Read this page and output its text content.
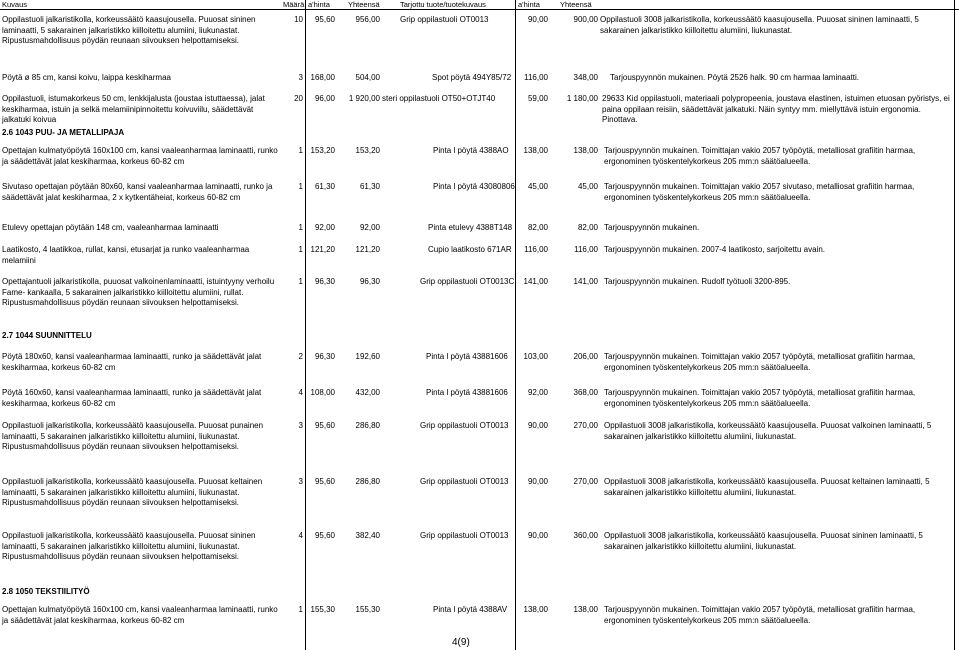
Kuvaus	Määrä a'hinta Yhteensä	Tarjottu tuote/tuotekuvaus	a'hinta	Yhteensä
Oppilastuoli jalkaristikolla, korkeussäätö kaasujousella. Puuosat sininen laminaatti, 5 sakarainen jalkaristikko kiilloitettu alumiini, liukunastat. Ripustusmahdollisuus pöydän reunaan siivouksen helpottamiseksi.
10	95,60	956,00	Grip oppilastuoli OT0013	90,00	900,00 Oppilastuoli 3008 jalkaristikolla, korkeussäätö kaasujousella. Puuosat sininen laminaatti, 5 sakarainen jalkaristikko kiilloitettu alumiini, liukunastat.
Pöytä ø 85 cm, kansi koivu, laippa keskiharmaa	3 168,00	504,00	Spot pöytä 494Y85/72	116,00	348,00 Tarjouspyynnön mukainen. Pöytä 2526 halk. 90 cm harmaa laminaatti.
Oppilastuoli, istumakorkeus 50 cm, lenkkijalusta (joustaa istuttaessa), jalat keskiharmaa, istuin ja selkä melamiinipinnoitettu koivuviilu, säädettävät jalkatuki koivua
20	96,00	1 920,00 steri oppilastuoli OT50+OTJT40	59,00	1 180,00 29633 Kid oppilastuoli, materiaali polypropeenia, joustava elastinen, istuimen etuosan pyöristys, ei paina oppilaan reisiin, säädettävät jalkatuki. Näin syntyy mm. miellyttävä istuin ergonomia. Pinottava.
2.6 1043 PUU- JA METALLIPAJA
Opettajan kulmatyöpöytä 160x100 cm, kansi vaaleanharmaa laminaatti, runko ja säädettävät jalat keskiharmaa, korkeus 60-82 cm
1 153,20	153,20	Pinta l pöytä 4388AO	138,00	138,00 Tarjouspyynnön mukainen. Toimittajan vakio 2057 työpöytä, metalliosat grafiitin harmaa, ergonominen työskentelykorkeus 205 mm:n säätöalueella.
Sivutaso opettajan pöytään 80x60, kansi vaaleanharmaa laminaatti, runko ja säädettävät jalat keskiharmaa, 2 x kytkentäheiat, korkeus 60-82 cm
1	61,30	61,30	Pinta l pöytä 43080806	45,00	45,00 Tarjouspyynnön mukainen. Toimittajan vakio 2057 sivutaso, metalliosat grafiitin harmaa, ergonominen työskentelykorkeus 205 mm:n säätöalueella.
Etulevy opettajan pöytään 148 cm, vaaleanharmaa laminaatti	1	92,00	92,00	Pinta etulevy 4388T148	82,00	82,00 Tarjouspyynnön mukainen.
Laatikosto, 4 laatikkoa, rullat, kansi, etusarjat ja runko vaaleanharmaa melamiini
1 121,20	121,20	Cupio laatikosto 671AR	116,00	116,00 Tarjouspyynnön mukainen. 2007-4 laatikosto, sarjoitettu avain.
Opettajantuoli jalkaristikolla, puuosat valkoinenlaminaatti, istuintyyny verhoilu Fame- kankaalla, 5 sakarainen jalkaristikko kiilloitettu alumiini, rullat. Ripustusmahdollisuus pöydän reunaan siivouksen helpottamiseksi.
1	96,30	96,30	Grip oppilastuoli OT0013C	141,00	141,00 Tarjouspyynnön mukainen. Rudolf työtuoli 3200-895.
2.7 1044 SUUNNITTELU
Pöytä 180x60, kansi vaaleanharmaa laminaatti, runko ja säädettävät jalat keskiharmaa, korkeus 60-82 cm
2	96,30	192,60	Pinta l pöytä 43881606	103,00	206,00 Tarjouspyynnön mukainen. Toimittajan vakio 2057 työpöytä, metalliosat grafiitin harmaa, ergonominen työskentelykorkeus 205 mm:n säätöalueella.
Pöytä 160x60, kansi vaaleanharmaa laminaatti, runko ja säädettävät jalat keskiharmaa, korkeus 60-82 cm
4 108,00	432,00	Pinta l pöytä 43881606	92,00	368,00 Tarjouspyynnön mukainen. Toimittajan vakio 2057 työpöytä, metalliosat grafiitin harmaa, ergonominen työskentelykorkeus 205 mm:n säätöalueella.
Oppilastuoli jalkaristikolla, korkeussäätö kaasujousella. Puuosat punainen laminaatti, 5 sakarainen jalkaristikko kiilloitettu alumiini, liukunastat. Ripustusmahdollisuus pöydän reunaan siivouksen helpottamiseksi.
3	95,60	286,80	Grip oppilastuoli OT0013	90,00	270,00 Oppilastuoli 3008 jalkaristikolla, korkeussäätö kaasujousella. Puuosat valkoinen laminaatti, 5 sakarainen jalkaristikko kiilloitettu alumiini, liukunastat.
Oppilastuoli jalkaristikolla, korkeussäätö kaasujousella. Puuosat keltainen laminaatti, 5 sakarainen jalkaristikko kiilloitettu alumiini, liukunastat. Ripustusmahdollisuus pöydän reunaan siivouksen helpottamiseksi.
3	95,60	286,80	Grip oppilastuoli OT0013	90,00	270,00 Oppilastuoli 3008 jalkaristikolla, korkeussäätö kaasujousella. Puuosat keltainen laminaatti, 5 sakarainen jalkaristikko kiilloitettu alumiini, liukunastat.
Oppilastuoli jalkaristikolla, korkeussäätö kaasujousella. Puuosat sininen laminaatti, 5 sakarainen jalkaristikko kiilloitettu alumiini, liukunastat. Ripustusmahdollisuus pöydän reunaan siivouksen helpottamiseksi.
4	95,60	382,40	Grip oppilastuoli OT0013	90,00	360,00 Oppilastuoli 3008 jalkaristikolla, korkeussäätö kaasujousella. Puuosat sininen laminaatti, 5 sakarainen jalkaristikko kiilloitettu alumiini, liukunastat.
2.8 1050 TEKSTIILITYÖ
Opettajan kulmatyöpöytä 160x100 cm, kansi vaaleanharmaa laminaatti, runko ja säädettävät jalat keskiharmaa, korkeus 60-82 cm
1 155,30	155,30	Pinta l pöytä 4388AV	138,00	138,00 Tarjouspyynnön mukainen. Toimittajan vakio 2057 työpöytä, metalliosat grafiitin harmaa, ergonominen työskentelykorkeus 205 mm:n säätöalueella.
4(9)
